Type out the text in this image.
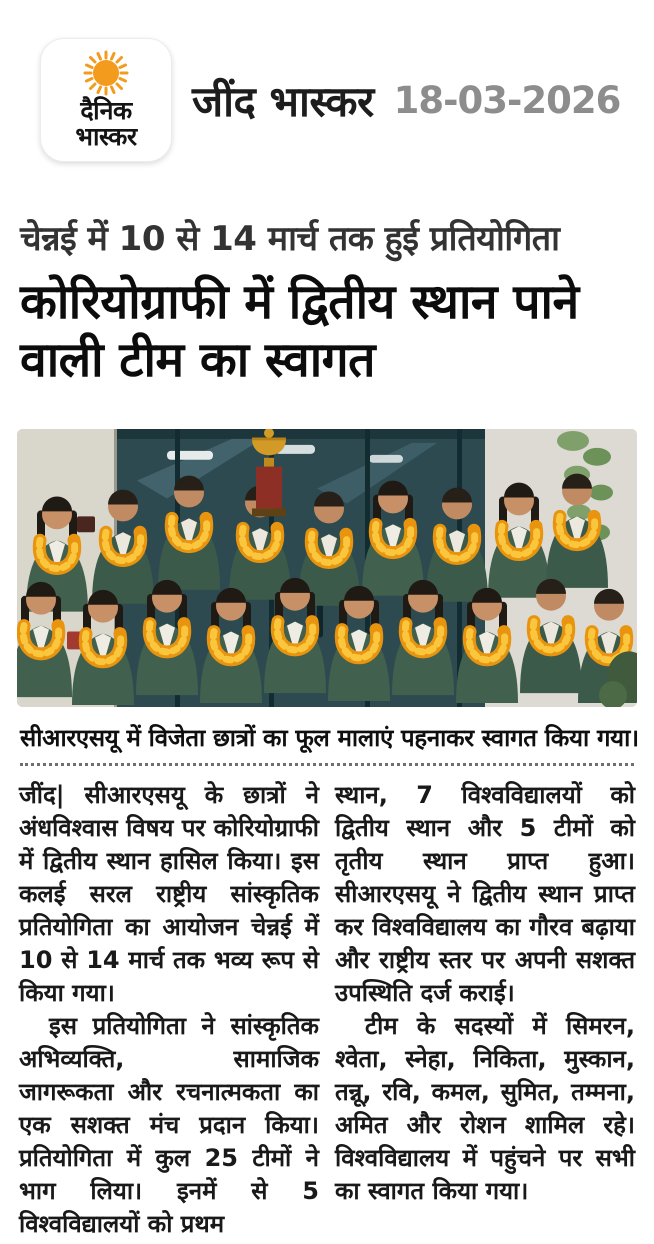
दैनिक
भास्कर
जींद भास्कर 18-03-2026
चेन्नई में 10 से 14 मार्च तक हुई प्रतियोगिता
कोरियोग्राफी में द्वितीय स्थान पाने वाली टीम का स्वागत
सीआरएसयू में विजेता छात्रों का फूल मालाएं पहनाकर स्वागत किया गया।

जींद| सीआरएसयू के छात्रों ने अंधविश्वास विषय पर कोरियोग्राफी में द्वितीय स्थान हासिल किया। इस कलई सरल राष्ट्रीय सांस्कृतिक प्रतियोगिता का आयोजन चेन्नई में 10 से 14 मार्च तक भव्य रूप से किया गया।

इस प्रतियोगिता ने सांस्कृतिक अभिव्यक्ति, सामाजिक जागरूकता और रचनात्मकता का एक सशक्त मंच प्रदान किया। प्रतियोगिता में कुल 25 टीमों ने भाग लिया। इनमें से 5 विश्वविद्यालयों को प्रथम

स्थान, 7 विश्वविद्यालयों को द्वितीय स्थान और 5 टीमों को तृतीय स्थान प्राप्त हुआ। सीआरएसयू ने द्वितीय स्थान प्राप्त कर विश्वविद्यालय का गौरव बढ़ाया और राष्ट्रीय स्तर पर अपनी सशक्त उपस्थिति दर्ज कराई।

टीम के सदस्यों में सिमरन, श्वेता, स्नेहा, निकिता, मुस्कान, तन्नू, रवि, कमल, सुमित, तम्मना, अमित और रोशन शामिल रहे। विश्वविद्यालय में पहुंचने पर सभी का स्वागत किया गया।
